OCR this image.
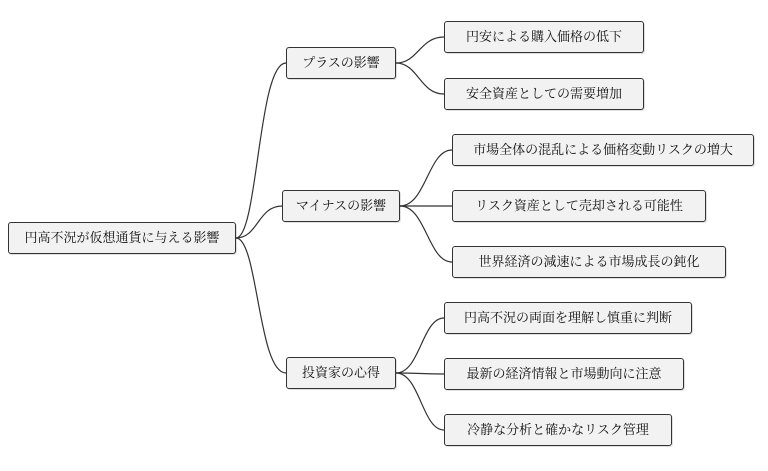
円高不況が仮想通貨に与える影響
プラスの影響
円安による購入価格の低下
安全資産としての需要増加
マイナスの影響
市場全体の混乱による価格変動リスクの増大
リスク資産として売却される可能性
世界経済の減速による市場成長の鈍化
投資家の心得
円高不況の両面を理解し慎重に判断
最新の経済情報と市場動向に注意
冷静な分析と確かなリスク管理
